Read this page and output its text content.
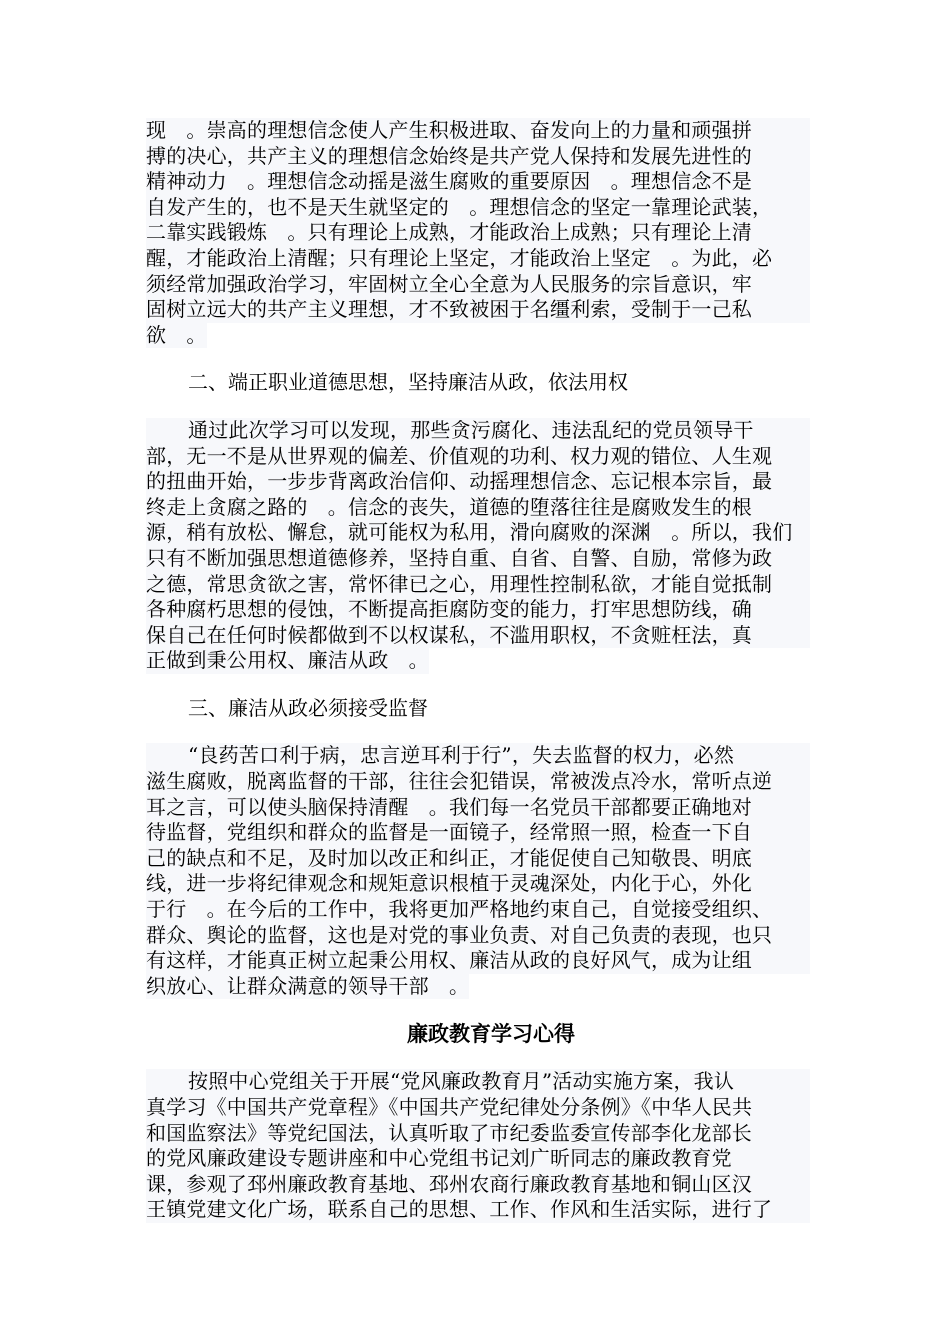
现　。崇高的理想信念使人产生积极进取、奋发向上的力量和顽强拼
搏的决心，共产主义的理想信念始终是共产党人保持和发展先进性的
精神动力　。理想信念动摇是滋生腐败的重要原因　。理想信念不是
自发产生的，也不是天生就坚定的　。理想信念的坚定一靠理论武装，
二靠实践锻炼　。只有理论上成熟，才能政治上成熟；只有理论上清
醒，才能政治上清醒；只有理论上坚定，才能政治上坚定　。为此，必
须经常加强政治学习，牢固树立全心全意为人民服务的宗旨意识，牢
固树立远大的共产主义理想，才不致被困于名缰利索，受制于一己私
欲　。

二、端正职业道德思想，坚持廉洁从政，依法用权

通过此次学习可以发现，那些贪污腐化、违法乱纪的党员领导干
部，无一不是从世界观的偏差、价值观的功利、权力观的错位、人生观
的扭曲开始，一步步背离政治信仰、动摇理想信念、忘记根本宗旨，最
终走上贪腐之路的　。信念的丧失，道德的堕落往往是腐败发生的根
源，稍有放松、懈怠，就可能权为私用，滑向腐败的深渊　。所以，我们
只有不断加强思想道德修养，坚持自重、自省、自警、自励，常修为政
之德，常思贪欲之害，常怀律已之心，用理性控制私欲，才能自觉抵制
各种腐朽思想的侵蚀，不断提高拒腐防变的能力，打牢思想防线，确
保自己在任何时候都做到不以权谋私，不滥用职权，不贪赃枉法，真
正做到秉公用权、廉洁从政　。

三、廉洁从政必须接受监督

“良药苦口利于病，忠言逆耳利于行”，失去监督的权力，必然
滋生腐败，脱离监督的干部，往往会犯错误，常被泼点冷水，常听点逆
耳之言，可以使头脑保持清醒　。我们每一名党员干部都要正确地对
待监督，党组织和群众的监督是一面镜子，经常照一照，检查一下自
己的缺点和不足，及时加以改正和纠正，才能促使自己知敬畏、明底
线，进一步将纪律观念和规矩意识根植于灵魂深处，内化于心，外化
于行　。在今后的工作中，我将更加严格地约束自己，自觉接受组织、
群众、舆论的监督，这也是对党的事业负责、对自己负责的表现，也只
有这样，才能真正树立起秉公用权、廉洁从政的良好风气，成为让组
织放心、让群众满意的领导干部　。

廉政教育学习心得

按照中心党组关于开展“党风廉政教育月”活动实施方案，我认
真学习《中国共产党章程》《中国共产党纪律处分条例》《中华人民共
和国监察法》等党纪国法，认真听取了市纪委监委宣传部李化龙部长
的党风廉政建设专题讲座和中心党组书记刘广昕同志的廉政教育党
课，参观了邳州廉政教育基地、邳州农商行廉政教育基地和铜山区汉
王镇党建文化广场，联系自己的思想、工作、作风和生活实际，进行了
